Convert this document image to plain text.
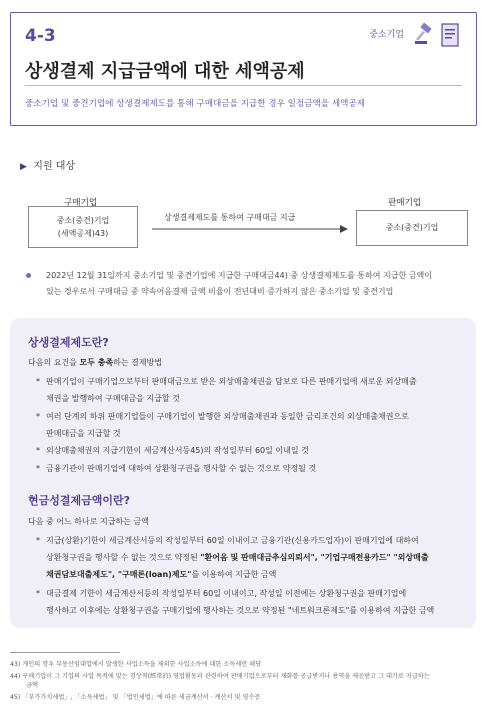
4-3	중소기업
상생결제 지급금액에 대한 세액공제
중소기업 및 중견기업에 상생결제제도를 통해 구매대금을 지급한 경우 일정금액을 세액공제
▶ 지원 대상
구매기업	판매기업
중소(중견)기업
(세액공제)43)
상생결제제도를 통하여 구매대금 지급
중소(중견)기업
2022년 12월 31일까지 중소기업 및 중견기업에 지급한 구매대금44) 중 상생결제제도를 통하여 지급한 금액이
있는 경우로서 구매대금 중 약속어음결제 금액 비율이 전년대비 증가하지 않은 중소기업 및 중견기업
상생결제제도란?
다음의 요건을 모두 충족하는 결제방법
* 판매기업이 구매기업으로부터 판매대금으로 받은 외상매출채권을 담보로 다른 판매기업에 새로운 외상매출
채권을 발행하여 구매대금을 지급할 것
* 여러 단계의 하위 판매기업들이 구매기업이 발행한 외상매출채권과 동일한 금리조건의 외상매출채권으로
판매대금을 지급할 것
* 외상매출채권의 지급기한이 세금계산서등45)의 작성일부터 60일 이내일 것
* 금융기관이 판매기업에 대하여 상환청구권을 행사할 수 없는 것으로 약정될 것
현금성결제금액이란?
다음 중 어느 하나로 지급하는 금액
* 지급(상환)기한이 세금계산서등의 작성일부터 60일 이내이고 금융기관(신용카드업자)이 판매기업에 대하여
상환청구권을 행사할 수 없는 것으로 약정된 "환어음 및 판매대금추심의뢰서", "기업구매전용카드" "외상매출
채권담보대출제도", "구매론(loan)제도"를 이용하여 지급한 금액
* 대금결제 기한이 세금계산서등의 작성일부터 60일 이내이고, 작성일 이전에는 상환청구권을 판매기업에
행사하고 이후에는 상환청구권을 구매기업에 행사하는 것으로 약정된 "네트워크론제도"를 이용하여 지급한 금액
43) 개인의 경우 부동산임대업에서 발생한 사업소득을 제외한 사업소득에 대한 소득세만 해당
44) 구매기업이 그 기업의 사업 목적에 맞는 경상적(經常的) 영업활동과 관련하여 판매기업으로부터 재화를 공급받거나 용역을 제공받고 그 대가로 지급하는
금액
45) 「부가가치세법」, 「소득세법」 및 「법인세법」에 따른 세금계산서 · 계산서 및 영수증
